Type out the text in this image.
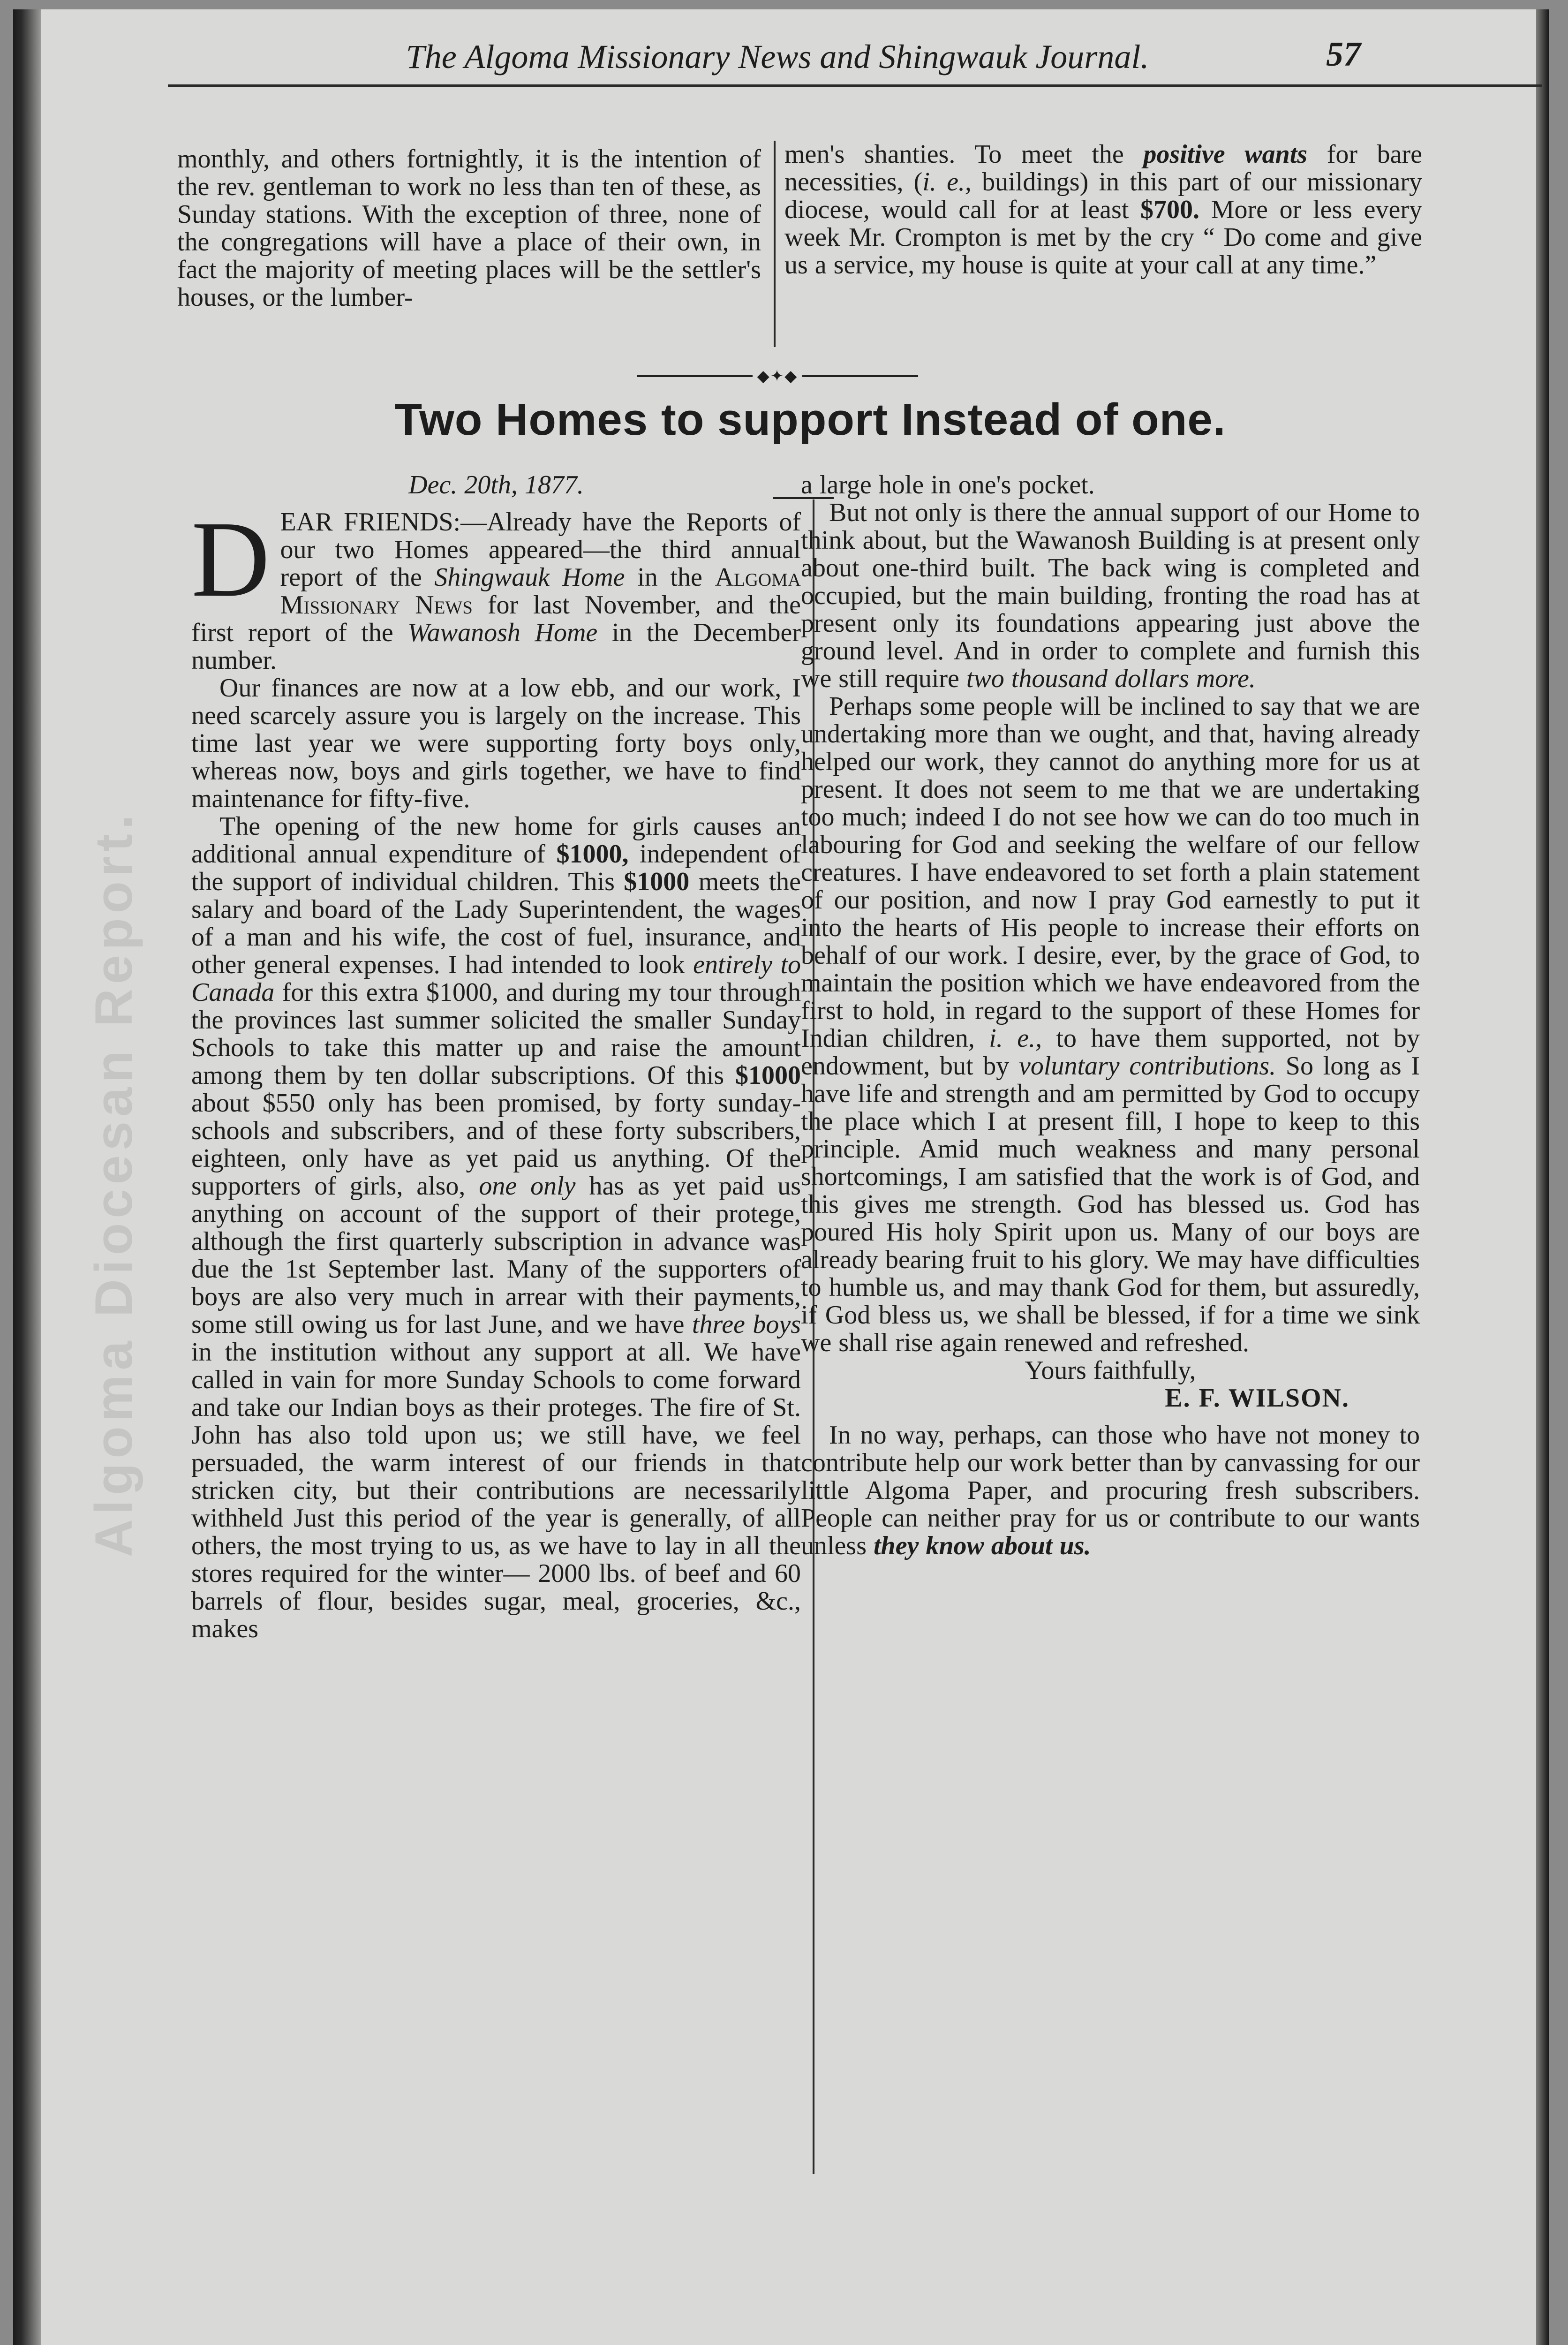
Algoma Diocesan Report.
The Algoma Missionary News and Shingwauk Journal.	57

monthly, and others fortnightly, it is the intention of the rev. gentleman to work no less than ten of these, as Sunday stations. With the exception of three, none of the congregations will have a place of their own, in fact the majority of meeting places will be the settler's houses, or the lumber-

men's shanties. To meet the positive wants for bare necessities, (i. e., buildings) in this part of our missionary diocese, would call for at least $700. More or less every week Mr. Crompton is met by the cry “ Do come and give us a service, my house is quite at your call at any time.”

◆✦◆
Two Homes to support Instead of one.

Dec. 20th, 1877.

DEAR FRIENDS:—Already have the Reports of our two Homes appeared—the third annual report of the Shingwauk Home in the Algoma Missionary News for last November, and the first report of the Wawanosh Home in the December number.

Our finances are now at a low ebb, and our work, I need scarcely assure you is largely on the increase. This time last year we were supporting forty boys only, whereas now, boys and girls together, we have to find maintenance for fifty-five.

The opening of the new home for girls causes an additional annual expenditure of $1000, independent of the support of individual children. This $1000 meets the salary and board of the Lady Superintendent, the wages of a man and his wife, the cost of fuel, insurance, and other general expenses. I had intended to look entirely to Canada for this extra $1000, and during my tour through the provinces last summer solicited the smaller Sunday Schools to take this matter up and raise the amount among them by ten dollar subscriptions. Of this $1000 about $550 only has been promised, by forty sunday-schools and subscribers, and of these forty subscribers, eighteen, only have as yet paid us anything. Of the supporters of girls, also, one only has as yet paid us anything on account of the support of their protege, although the first quarterly subscription in advance was due the 1st September last. Many of the supporters of boys are also very much in arrear with their payments, some still owing us for last June, and we have three boys in the institution without any support at all. We have called in vain for more Sunday Schools to come forward and take our Indian boys as their proteges. The fire of St. John has also told upon us; we still have, we feel persuaded, the warm interest of our friends in that stricken city, but their contributions are necessarily withheld Just this period of the year is generally, of all others, the most trying to us, as we have to lay in all the stores required for the winter— 2000 lbs. of beef and 60 barrels of flour, besides sugar, meal, groceries, &c., makes

a large hole in one's pocket.

But not only is there the annual support of our Home to think about, but the Wawanosh Building is at present only about one-third built. The back wing is completed and occupied, but the main building, fronting the road has at present only its foundations appearing just above the ground level. And in order to complete and furnish this we still require two thousand dollars more.

Perhaps some people will be inclined to say that we are undertaking more than we ought, and that, having already helped our work, they cannot do anything more for us at present. It does not seem to me that we are undertaking too much; indeed I do not see how we can do too much in labouring for God and seeking the welfare of our fellow creatures. I have endeavored to set forth a plain statement of our position, and now I pray God earnestly to put it into the hearts of His people to increase their efforts on behalf of our work. I desire, ever, by the grace of God, to maintain the position which we have endeavored from the first to hold, in regard to the support of these Homes for Indian children, i. e., to have them supported, not by endowment, but by voluntary contributions. So long as I have life and strength and am permitted by God to occupy the place which I at present fill, I hope to keep to this principle. Amid much weakness and many personal shortcomings, I am satisfied that the work is of God, and this gives me strength. God has blessed us. God has poured His holy Spirit upon us. Many of our boys are already bearing fruit to his glory. We may have difficulties to humble us, and may thank God for them, but assuredly, if God bless us, we shall be blessed, if for a time we sink we shall rise again renewed and refreshed.

Yours faithfully,

E. F. WILSON.

In no way, perhaps, can those who have not money to contribute help our work better than by canvassing for our little Algoma Paper, and procuring fresh subscribers. People can neither pray for us or contribute to our wants unless they know about us.
